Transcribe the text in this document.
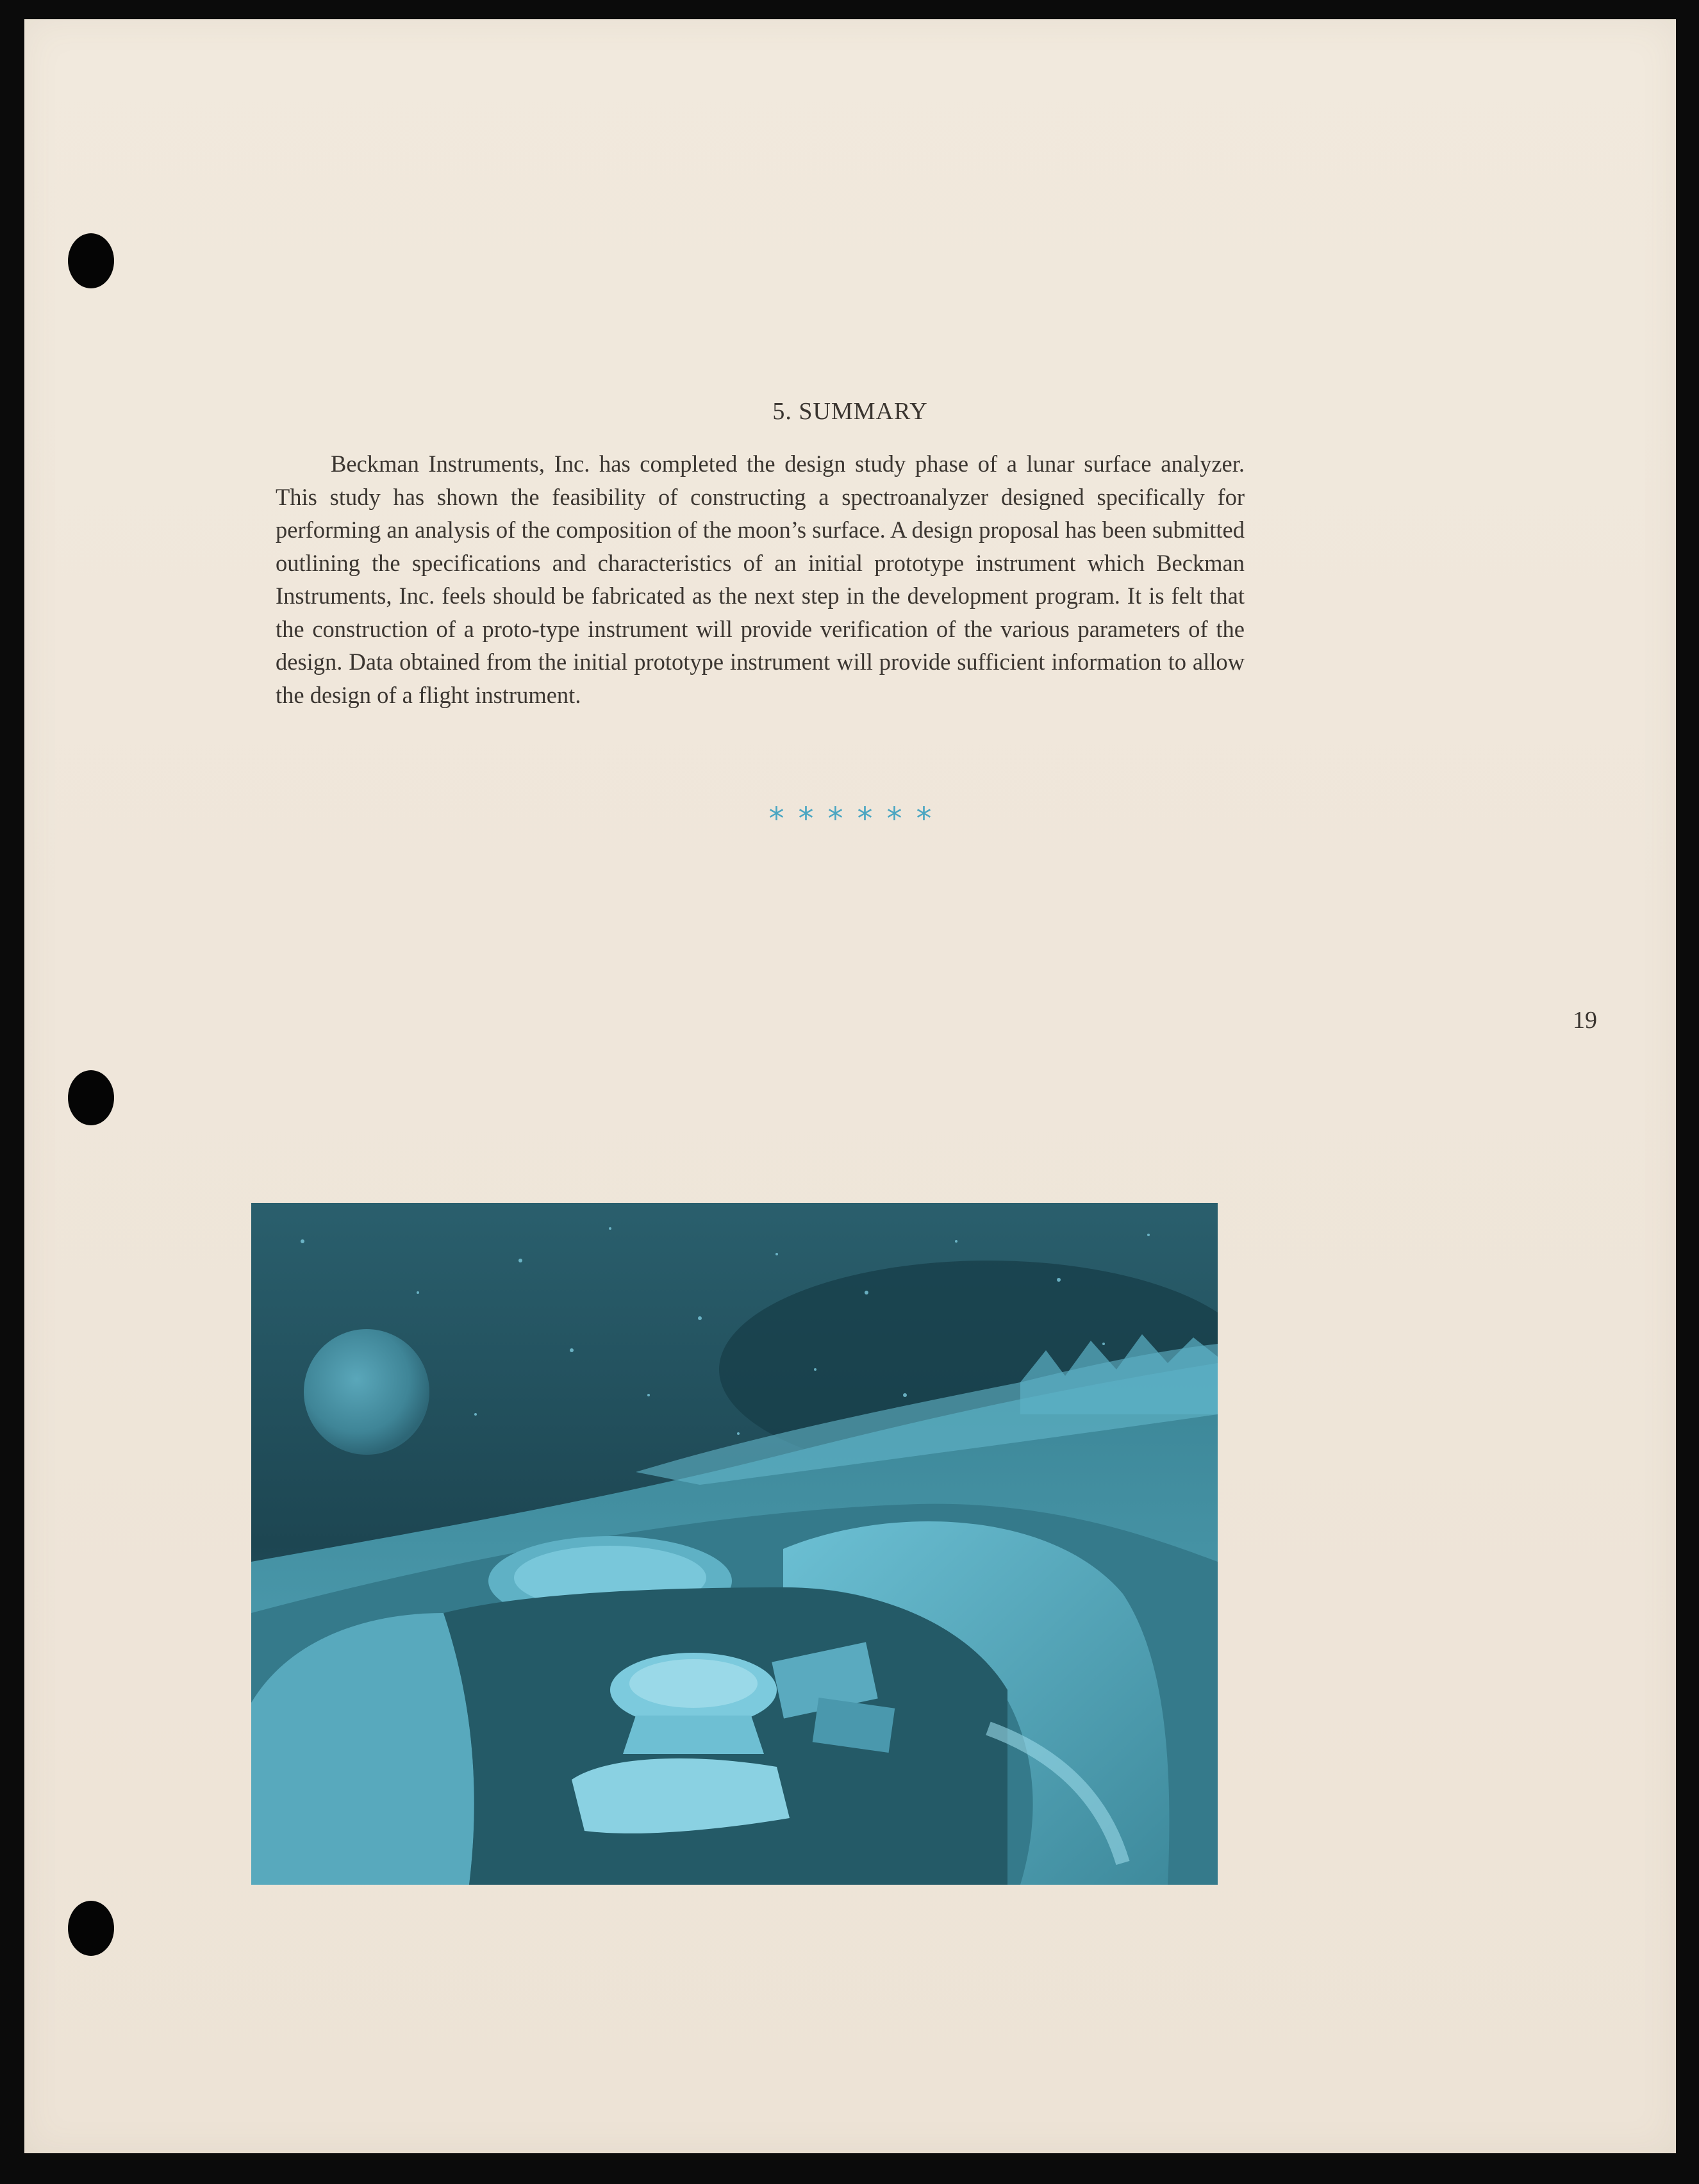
5. SUMMARY

Beckman Instruments, Inc. has completed the design study phase of a lunar surface analyzer. This study has shown the feasibility of constructing a spectroanalyzer designed specifically for performing an analysis of the composition of the moon’s surface. A design proposal has been submitted outlining the specifications and characteristics of an initial prototype instrument which Beckman Instruments, Inc. feels should be fabricated as the next step in the development program. It is felt that the construction of a proto-type instrument will provide verification of the various parameters of the design. Data obtained from the initial prototype instrument will provide sufficient information to allow the design of a flight instrument.

******
19
